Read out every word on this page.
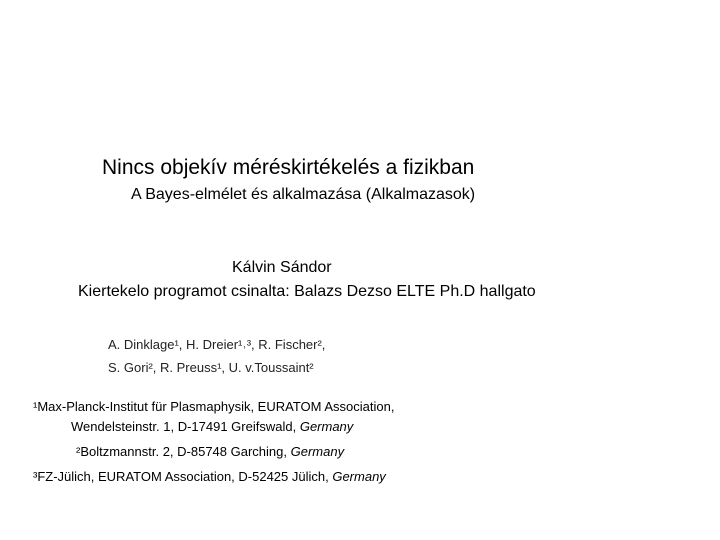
Nincs objekív méréskirtékelés a fizikban
A Bayes-elmélet és alkalmazása (Alkalmazasok)
Kálvin Sándor
Kiertekelo programot csinalta: Balazs Dezso ELTE Ph.D hallgato
A. Dinklage¹, H. Dreier¹˒³, R. Fischer²,
S. Gori², R. Preuss¹, U. v.Toussaint²
¹Max-Planck-Institut für Plasmaphysik, EURATOM Association,
Wendelsteinstr. 1, D-17491 Greifswald, Germany
²Boltzmannstr. 2, D-85748 Garching, Germany
³FZ-Jülich, EURATOM Association, D-52425 Jülich, Germany
